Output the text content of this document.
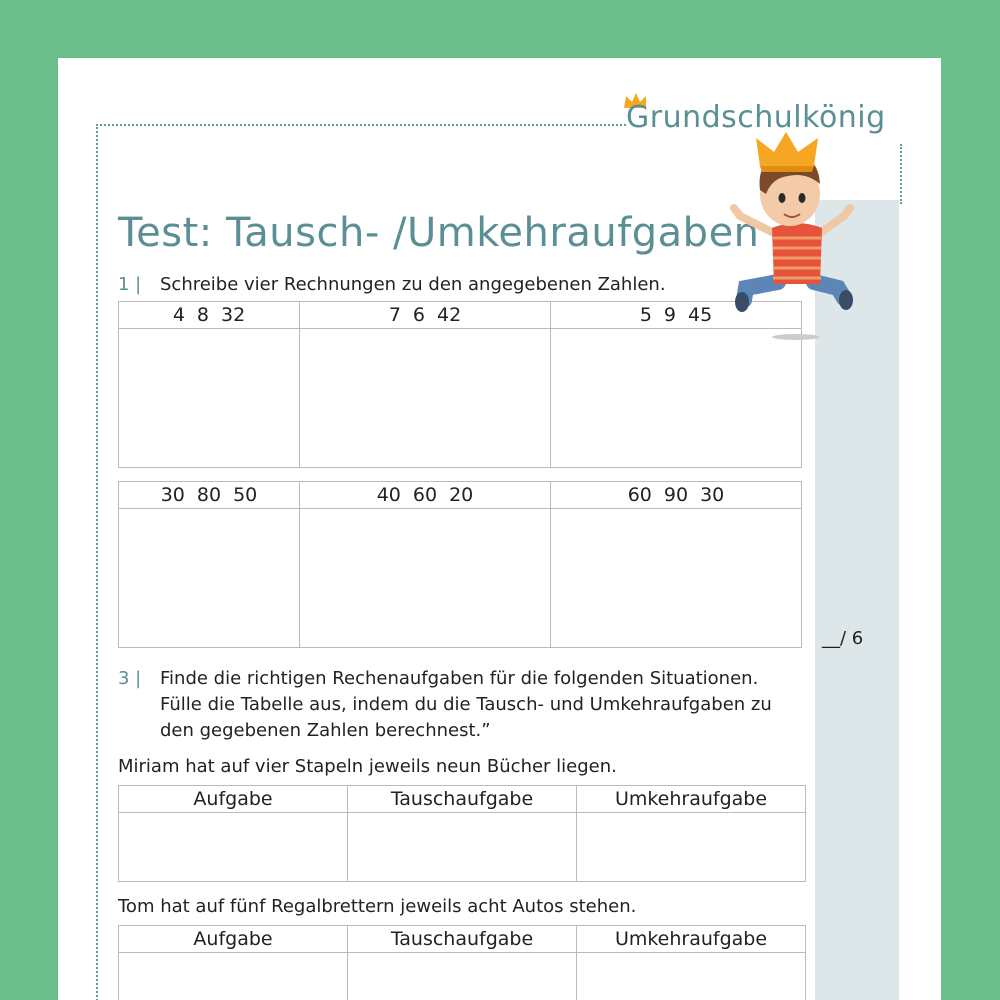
Grundschulkönig
Test: Tausch- /Umkehraufgaben
1 | Schreibe vier Rechnungen zu den angegebenen Zahlen.
4 8 32	7 6 42	5 9 45

30 80 50	40 60 20	60 90 30

__/ 6
3 | Finde die richtigen Rechenaufgaben für die folgenden Situationen.
Fülle die Tabelle aus, indem du die Tausch- und Umkehraufgaben zu
den gegebenen Zahlen berechnest.”
Miriam hat auf vier Stapeln jeweils neun Bücher liegen.
Aufgabe	Tauschaufgabe	Umkehraufgabe

Tom hat auf fünf Regalbrettern jeweils acht Autos stehen.
Aufgabe	Tauschaufgabe	Umkehraufgabe
